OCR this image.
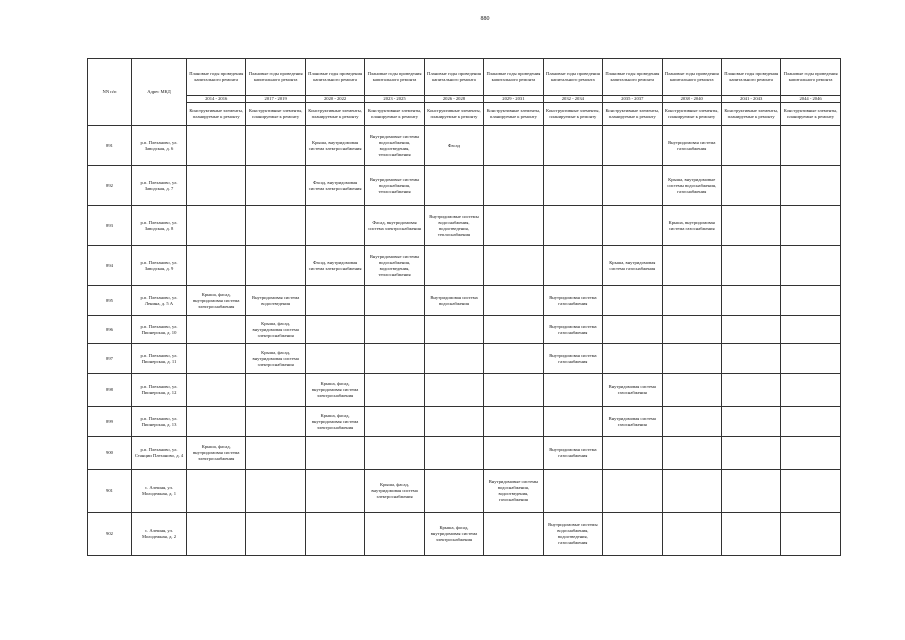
880
NN п/п	Адрес МКД	Плановые годы проведения капитального ремонта	Плановые годы проведения капитального ремонта	Плановые годы проведения капитального ремонта	Плановые годы проведения капитального ремонта	Плановые годы проведения капитального ремонта	Плановые годы проведения капитального ремонта	Плановые годы проведения капитального ремонта	Плановые годы проведения капитального ремонта	Плановые годы проведения капитального ремонта	Плановые годы проведения капитального ремонта	Плановые годы проведения капитального ремонта
		2014 - 2016	2017 - 2019	2020 - 2022	2023 - 2025	2026 - 2028	2029 - 2031	2032 - 2034	2035 - 2037	2038 - 2040	2041 - 2043	2044 - 2046
		Конструктивные элементы, планируемые к ремонту	Конструктивные элементы, планируемые к ремонту	Конструктивные элементы, планируемые к ремонту	Конструктивные элементы, планируемые к ремонту	Конструктивные элементы, планируемые к ремонту	Конструктивные элементы, планируемые к ремонту	Конструктивные элементы, планируемые к ремонту	Конструктивные элементы, планируемые к ремонту	Конструктивные элементы, планируемые к ремонту	Конструктивные элементы, планируемые к ремонту	Конструктивные элементы, планируемые к ремонту
891	р.п. Плеханово, ул. Заводская, д. 6			Крыша, внутридомовая система электроснабжения	Внутридомовые системы водоснабжения, водоотведения, теплоснабжения	Фасад				Внутридомовая система газоснабжения		
892	р.п. Плеханово, ул. Заводская, д. 7			Фасад, внутридомовая система электроснабжения	Внутридомовые системы водоснабжения, теплоснабжения					Крыша, внутридомовые системы водоснабжения, газоснабжения		
893	р.п. Плеханово, ул. Заводская, д. 8				Фасад, внутридомовая система электроснабжения	Внутридомовые системы водоснабжения, водоотведения, теплоснабжения				Крыша, внутридомовая система газоснабжения		
894	р.п. Плеханово, ул. Заводская, д. 9			Фасад, внутридомовая система электроснабжения	Внутридомовые системы водоснабжения, водоотведения, теплоснабжения				Крыша, внутридомовая система газоснабжения			
895	р.п. Плеханово, ул. Ленина, д. 5 А	Крыша, фасад, внутридомовая система электроснабжения	Внутридомовая система водоотведения			Внутридомовая система водоснабжения		Внутридомовая система газоснабжения				
896	р.п. Плеханово, ул. Пионерская, д. 10		Крыша, фасад, внутридомовая система электроснабжения					Внутридомовая система газоснабжения				
897	р.п. Плеханово, ул. Пионерская, д. 11		Крыша, фасад, внутридомовая система электроснабжения					Внутридомовая система газоснабжения				
898	р.п. Плеханово, ул. Пионерская, д. 12			Крыша, фасад, внутридомовая система электроснабжения					Внутридомовая система газоснабжения			
899	р.п. Плеханово, ул. Пионерская, д. 13			Крыша, фасад, внутридомовая система электроснабжения					Внутридомовая система газоснабжения			
900	р.п. Плеханово, ул. Станции Плеханово, д. 4	Крыша, фасад, внутридомовая система электроснабжения						Внутридомовая система газоснабжения				
901	с. Алешня, ул. Молодежная, д. 1				Крыша, фасад, внутридомовая система электроснабжения		Внутридомовые системы водоснабжения, водоотведения, газоснабжения					
902	с. Алешня, ул. Молодежная, д. 2					Крыша, фасад, внутридомовая система электроснабжения		Внутридомовые системы водоснабжения, водоотведения, газоснабжения				
